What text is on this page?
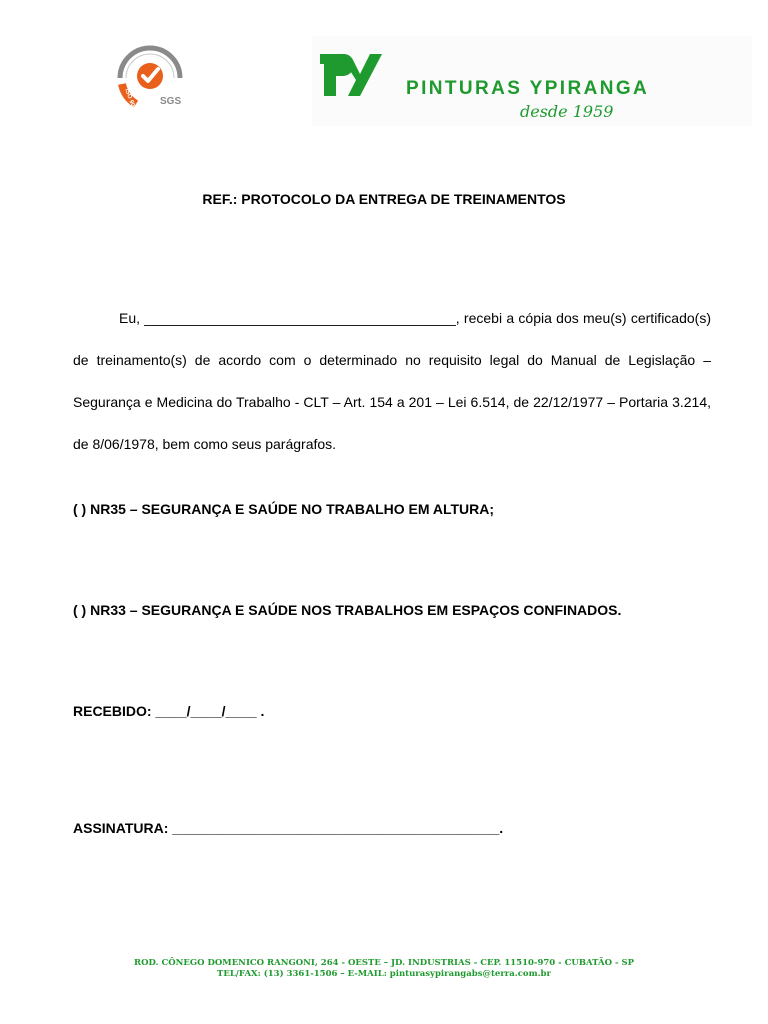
ISO 9001 SGS
PINTURAS YPIRANGA
desde 1959
REF.: PROTOCOLO DA ENTREGA DE TREINAMENTOS

Eu, ________________________________________, recebi a cópia dos meu(s) certificado(s) de treinamento(s) de acordo com o determinado no requisito legal do Manual de Legislação – Segurança e Medicina do Trabalho - CLT – Art. 154 a 201 – Lei 6.514, de 22/12/1977 – Portaria 3.214, de 8/06/1978, bem como seus parágrafos.

( ) NR35 – SEGURANÇA E SAÚDE NO TRABALHO EM ALTURA;
( ) NR33 – SEGURANÇA E SAÚDE NOS TRABALHOS EM ESPAÇOS CONFINADOS.
RECEBIDO: ____/____/____ .
ASSINATURA: __________________________________________.
ROD. CÔNEGO DOMENICO RANGONI, 264 - OESTE – JD. INDUSTRIAS - CEP. 11510-970 - CUBATÃO - SP
TEL/FAX: (13) 3361-1506 – E-MAIL: pinturasypirangabs@terra.com.br
